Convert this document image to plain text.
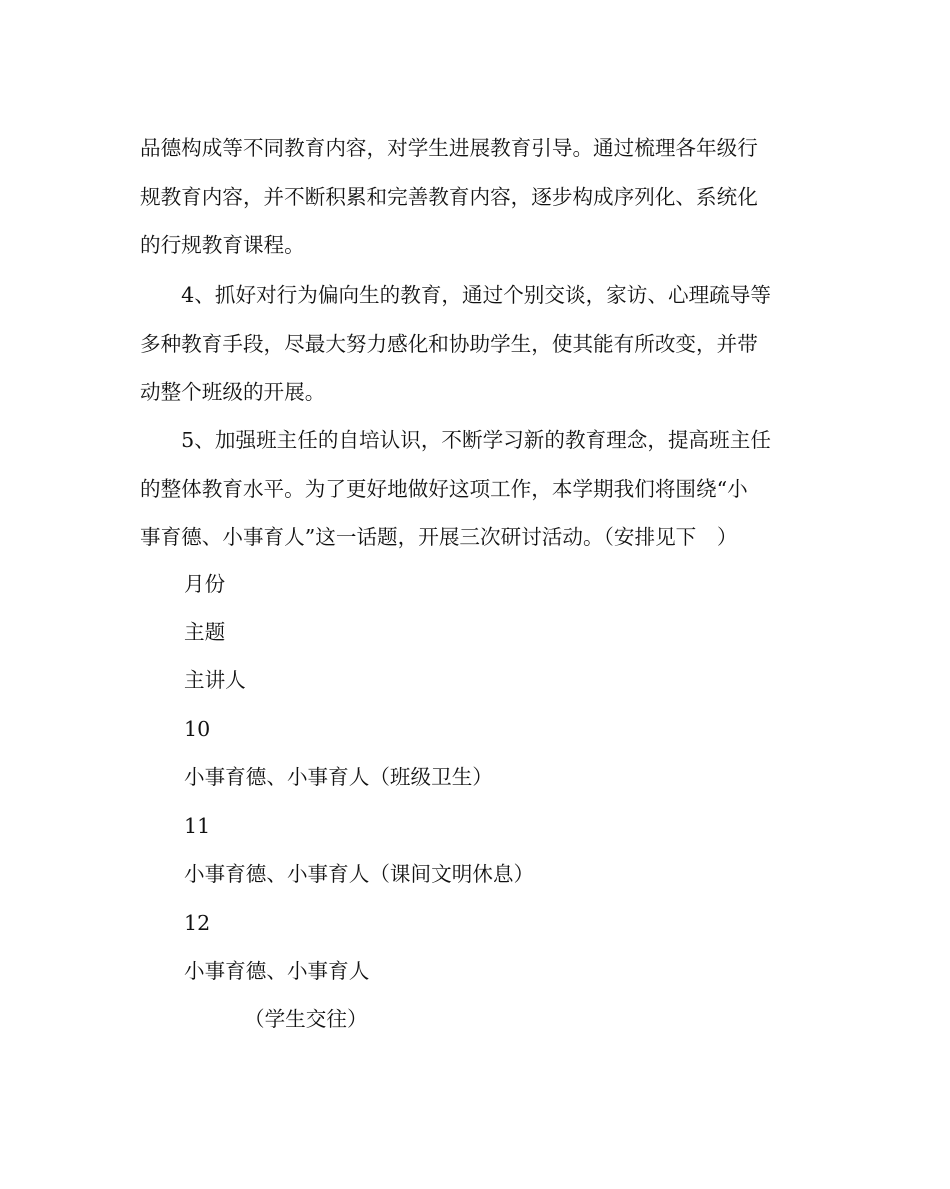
品德构成等不同教育内容，对学生进展教育引导。通过梳理各年级行
规教育内容，并不断积累和完善教育内容，逐步构成序列化、系统化
的行规教育课程。
　　4、抓好对行为偏向生的教育，通过个别交谈，家访、心理疏导等
多种教育手段，尽最大努力感化和协助学生，使其能有所改变，并带
动整个班级的开展。
　　5、加强班主任的自培认识，不断学习新的教育理念，提高班主任
的整体教育水平。为了更好地做好这项工作，本学期我们将围绕“小
事育德、小事育人”这一话题，开展三次研讨活动。（安排见下　）
月份
主题
主讲人
10
小事育德、小事育人（班级卫生）
11
小事育德、小事育人（课间文明休息）
12
小事育德、小事育人
（学生交往）
